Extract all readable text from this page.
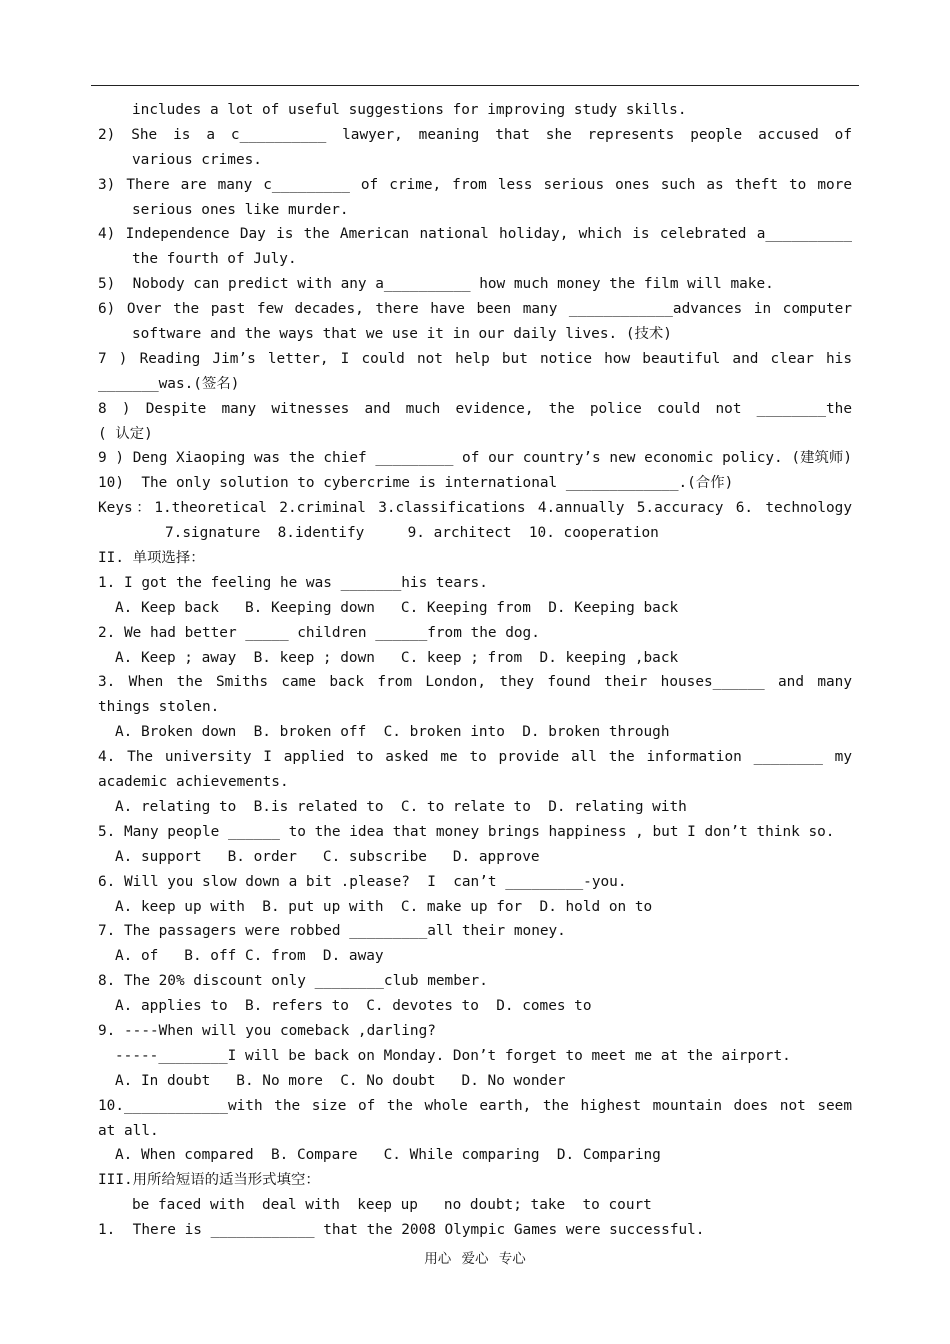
includes a lot of useful suggestions for improving study skills.
2) She is a c__________ lawyer, meaning that she represents people accused of
various crimes.
3) There are many c_________ of crime, from less serious ones such as theft to more
serious ones like murder.
4) Independence Day is the American national holiday, which is celebrated a__________
the fourth of July.
5)  Nobody can predict with any a__________ how much money the film will make.
6) Over the past few decades, there have been many ____________advances in computer
software and the ways that we use it in our daily lives. (技术)
7 ) Reading Jim’s letter, I could not help but notice how beautiful and clear his
_______was.(签名)
8 ) Despite many witnesses and much evidence, the police could not ________the
( 认定)
9 ) Deng Xiaoping was the chief _________ of our country’s new economic policy. (建筑师)
10)  The only solution to cybercrime is international _____________.(合作)
Keys：1.theoretical 2.criminal 3.classifications 4.annually 5.accuracy 6. technology
7.signature  8.identify     9. architect  10. cooperation
II. 单项选择：
1. I got the feeling he was _______his tears.
A. Keep back   B. Keeping down   C. Keeping from  D. Keeping back
2. We had better _____ children ______from the dog.
A. Keep ; away  B. keep ; down   C. keep ; from  D. keeping ,back
3. When the Smiths came back from London, they found their houses______ and many
things stolen.
A. Broken down  B. broken off  C. broken into  D. broken through
4. The university I applied to asked me to provide all the information ________ my
academic achievements.
A. relating to  B.is related to  C. to relate to  D. relating with
5. Many people ______ to the idea that money brings happiness , but I don’t think so.
A. support   B. order   C. subscribe   D. approve
6. Will you slow down a bit .please?  I  can’t _________-you.
A. keep up with  B. put up with  C. make up for  D. hold on to
7. The passagers were robbed _________all their money.
A. of   B. off C. from  D. away
8. The 20% discount only ________club member.
A. applies to  B. refers to  C. devotes to  D. comes to
9. ----When will you comeback ,darling?
-----________I will be back on Monday. Don’t forget to meet me at the airport.
A. In doubt   B. No more  C. No doubt   D. No wonder
10.____________with the size of the whole earth, the highest mountain does not seem
at all.
A. When compared  B. Compare   C. While comparing  D. Comparing
III.用所给短语的适当形式填空：
be faced with  deal with  keep up   no doubt; take  to court
1.  There is ____________ that the 2008 Olympic Games were successful.
用心 爱心 专心
